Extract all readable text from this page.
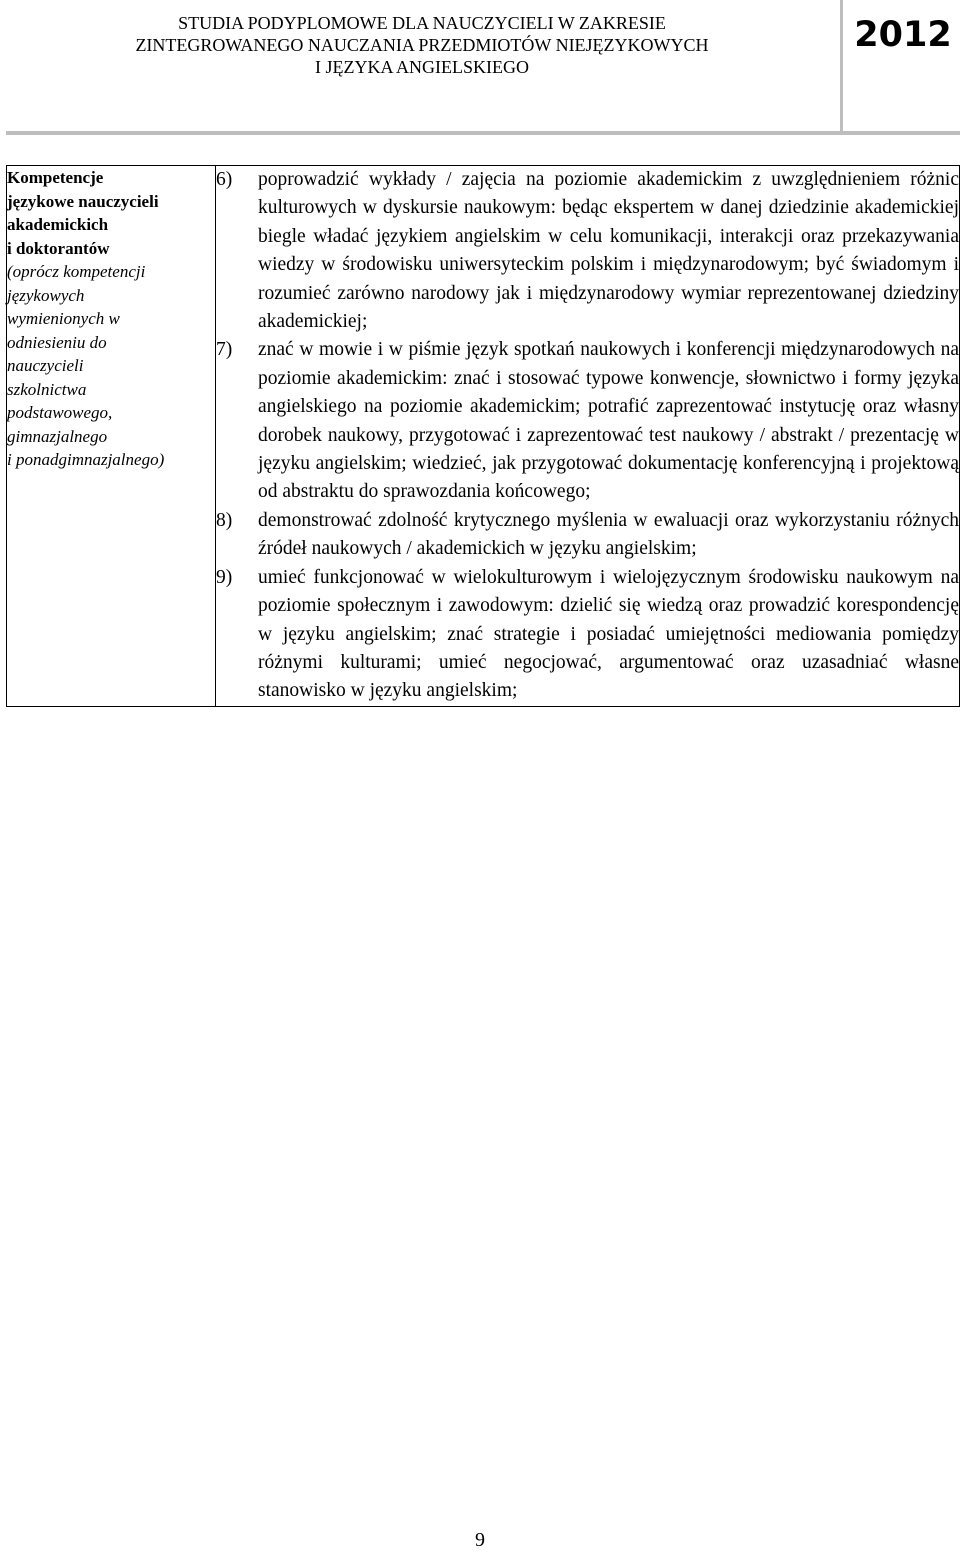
STUDIA PODYPLOMOWE DLA NAUCZYCIELI W ZAKRESIE
ZINTEGROWANEGO NAUCZANIA PRZEDMIOTÓW NIEJĘZYKOWYCH
I JĘZYKA ANGIELSKIEGO
2012
Kompetencje
językowe nauczycieli
akademickich
i doktorantów
(oprócz kompetencji
językowych
wymienionych w
odniesieniu do
nauczycieli
szkolnictwa
podstawowego,
gimnazjalnego
i ponadgimnazjalnego)

6)	poprowadzić wykłady / zajęcia na poziomie akademickim z uwzględnieniem różnic kulturowych w dyskursie naukowym: będąc ekspertem w danej dziedzinie akademickiej biegle władać językiem angielskim w celu komunikacji, interakcji oraz przekazywania wiedzy w środowisku uniwersyteckim polskim i międzynarodowym; być świadomym i rozumieć zarówno narodowy jak i międzynarodowy wymiar reprezentowanej dziedziny akademickiej;
7)	znać w mowie i w piśmie język spotkań naukowych i konferencji międzynarodowych na poziomie akademickim: znać i stosować typowe konwencje, słownictwo i formy języka angielskiego na poziomie akademickim; potrafić zaprezentować instytucję oraz własny dorobek naukowy, przygotować i zaprezentować test naukowy / abstrakt / prezentację w języku angielskim; wiedzieć, jak przygotować dokumentację konferencyjną i projektową od abstraktu do sprawozdania końcowego;
8)	demonstrować zdolność krytycznego myślenia w ewaluacji oraz wykorzystaniu różnych źródeł naukowych / akademickich w języku angielskim;
9)	umieć funkcjonować w wielokulturowym i wielojęzycznym środowisku naukowym na poziomie społecznym i zawodowym: dzielić się wiedzą oraz prowadzić korespondencję w języku angielskim; znać strategie i posiadać umiejętności mediowania pomiędzy różnymi kulturami; umieć negocjować, argumentować oraz uzasadniać własne stanowisko w języku angielskim;
9
